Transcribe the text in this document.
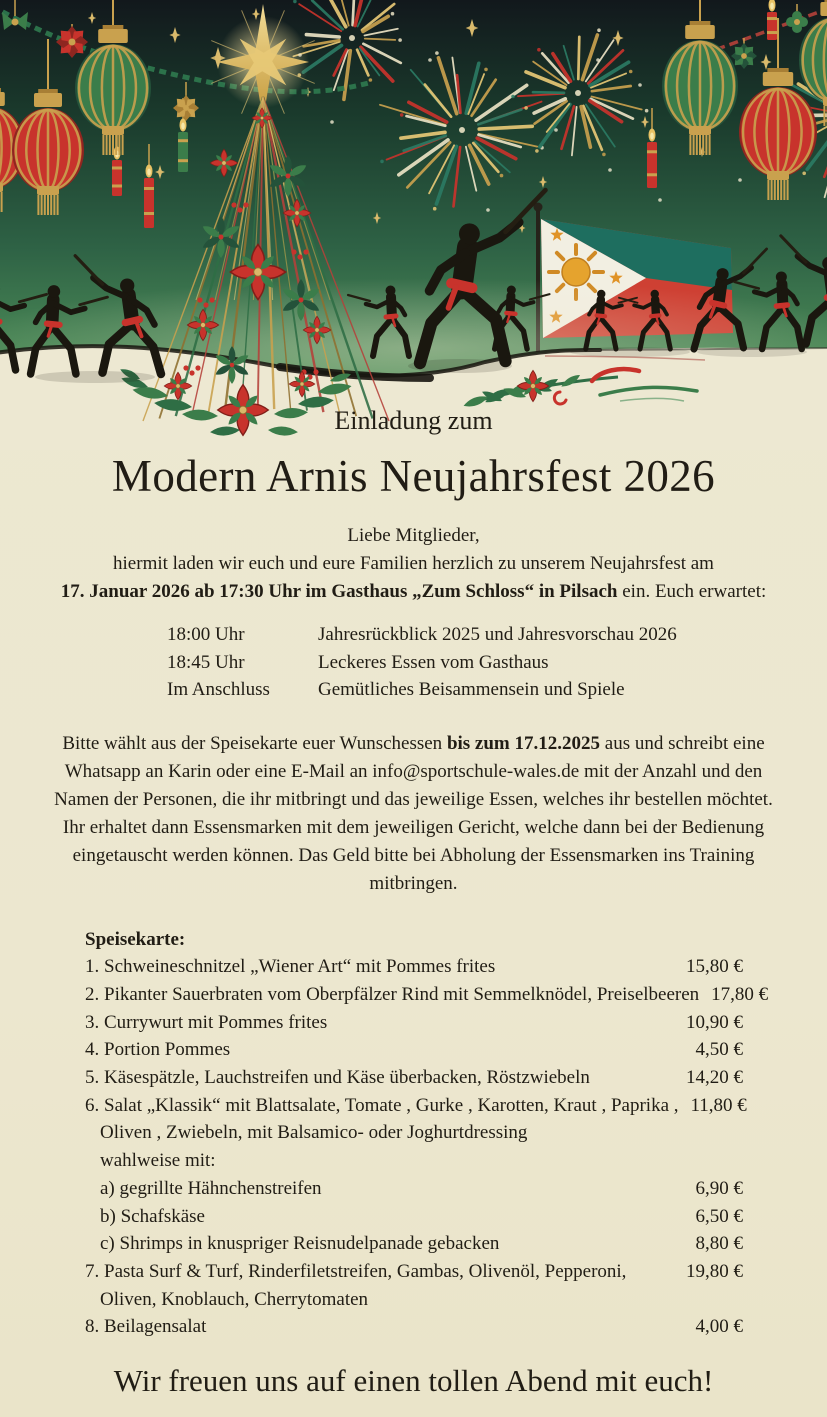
Einladung zum
Modern Arnis Neujahrsfest 2026
Liebe Mitglieder,
hiermit laden wir euch und eure Familien herzlich zu unserem Neujahrsfest am
17. Januar 2026 ab 17:30 Uhr im Gasthaus „Zum Schloss“ in Pilsach ein. Euch erwartet:
18:00 Uhr	Jahresrückblick 2025 und Jahresvorschau 2026
18:45 Uhr	Leckeres Essen vom Gasthaus
Im Anschluss	Gemütliches Beisammensein und Spiele
Bitte wählt aus der Speisekarte euer Wunschessen bis zum 17.12.2025 aus und schreibt eine Whatsapp an Karin oder eine E-Mail an info@sportschule-wales.de mit der Anzahl und den Namen der Personen, die ihr mitbringt und das jeweilige Essen, welches ihr bestellen möchtet. Ihr erhaltet dann Essensmarken mit dem jeweiligen Gericht, welche dann bei der Bedienung eingetauscht werden können. Das Geld bitte bei Abholung der Essensmarken ins Training mitbringen.
Speisekarte:
1. Schweineschnitzel „Wiener Art“ mit Pommes frites	15,80 €
2. Pikanter Sauerbraten vom Oberpfälzer Rind mit Semmelknödel, Preiselbeeren 17,80 €
3. Currywurt mit Pommes frites	10,90 €
4. Portion Pommes	4,50 €
5. Käsespätzle, Lauchstreifen und Käse überbacken, Röstzwiebeln	14,20 €
6. Salat „Klassik“ mit Blattsalate, Tomate , Gurke , Karotten, Kraut , Paprika , 11,80 €
Oliven , Zwiebeln, mit Balsamico- oder Joghurtdressing
wahlweise mit:
a) gegrillte Hähnchenstreifen	6,90 €
b) Schafskäse	6,50 €
c) Shrimps in knuspriger Reisnudelpanade gebacken	8,80 €
7. Pasta Surf & Turf, Rinderfiletstreifen, Gambas, Olivenöl, Pepperoni,	19,80 €
Oliven, Knoblauch, Cherrytomaten
8. Beilagensalat	4,00 €
Wir freuen uns auf einen tollen Abend mit euch!
